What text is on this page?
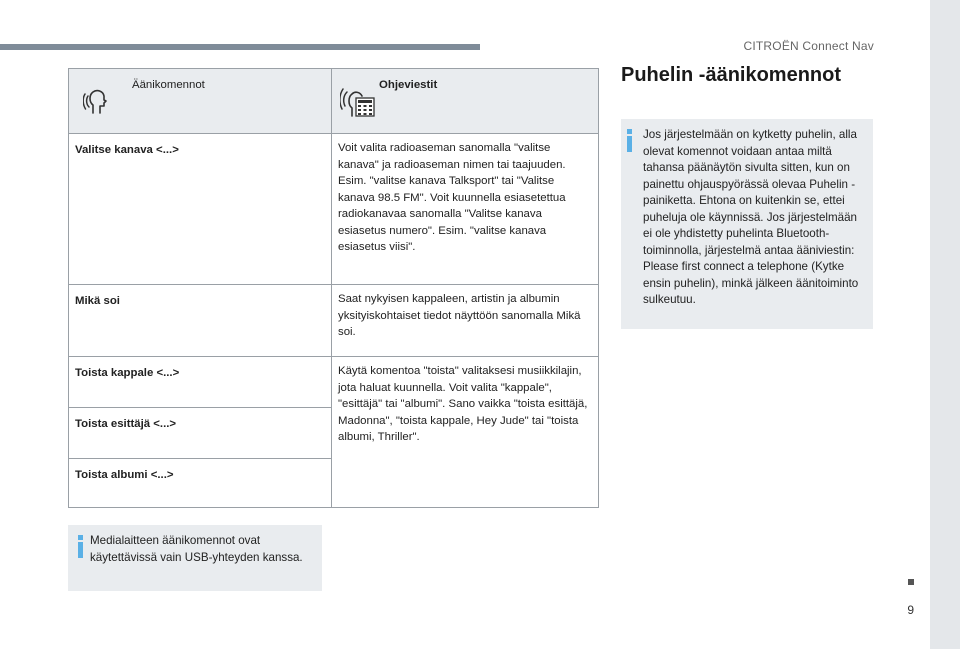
CITROËN Connect Nav
9
Äänikomennot	Ohjeviestit

Valitse kanava <...>	Voit valita radioaseman sanomalla "valitse kanava" ja radioaseman nimen tai taajuuden. Esim. "valitse kanava Talksport" tai "Valitse kanava 98.5 FM". Voit kuunnella esiasetettua radiokanavaa sanomalla "Valitse kanava esiasetus numero". Esim. "valitse kanava esiasetus viisi".
Mikä soi	Saat nykyisen kappaleen, artistin ja albumin yksityiskohtaiset tiedot näyttöön sanomalla Mikä soi.
Toista kappale <...>	Käytä komentoa "toista" valitaksesi musiikkilajin, jota haluat kuunnella. Voit valita "kappale", "esittäjä" tai "albumi". Sano vaikka "toista esittäjä, Madonna", "toista kappale, Hey Jude" tai "toista albumi, Thriller".
Toista esittäjä <...>	
Toista albumi <...>	
Medialaitteen äänikomennot ovat käytettävissä vain USB-yhteyden kanssa.
Puhelin -äänikomennot
Jos järjestelmään on kytketty puhelin, alla olevat komennot voidaan antaa miltä tahansa päänäytön sivulta sitten, kun on painettu ohjauspyörässä olevaa Puhelin -painiketta. Ehtona on kuitenkin se, ettei puheluja ole käynnissä. Jos järjestelmään ei ole yhdistetty puhelinta Bluetooth-toiminnolla, järjestelmä antaa ääniviestin: Please first connect a telephone (Kytke ensin puhelin), minkä jälkeen äänitoiminto sulkeutuu.
